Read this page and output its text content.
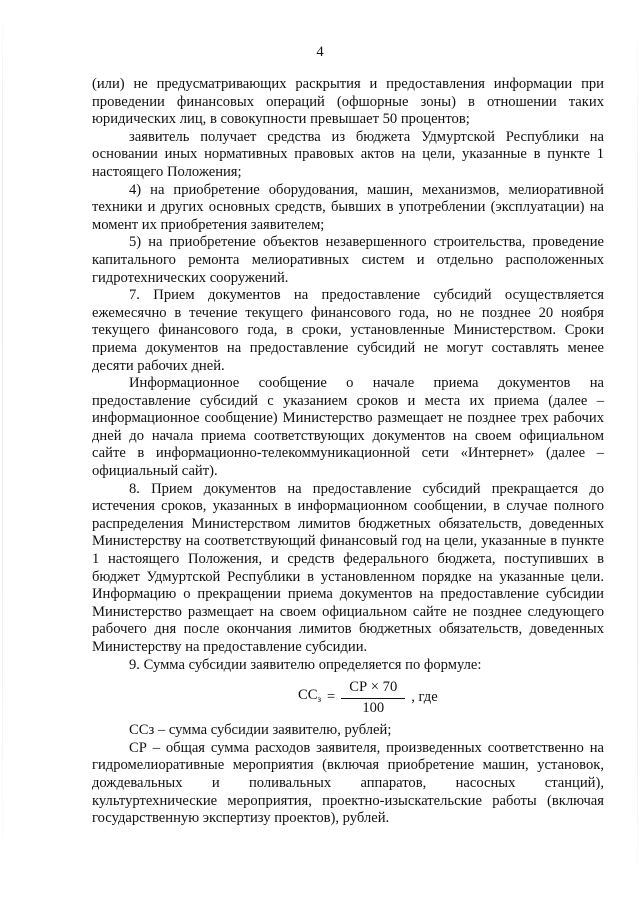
4

(или) не предусматривающих раскрытия и предоставления информации при проведении финансовых операций (офшорные зоны) в отношении таких юридических лиц, в совокупности превышает 50 процентов;

заявитель получает средства из бюджета Удмуртской Республики на основании иных нормативных правовых актов на цели, указанные в пункте 1 настоящего Положения;

4) на приобретение оборудования, машин, механизмов, мелиоративной техники и других основных средств, бывших в употреблении (эксплуатации) на момент их приобретения заявителем;

5) на приобретение объектов незавершенного строительства, проведение капитального ремонта мелиоративных систем и отдельно расположенных гидротехнических сооружений.

7. Прием документов на предоставление субсидий осуществляется ежемесячно в течение текущего финансового года, но не позднее 20 ноября текущего финансового года, в сроки, установленные Министерством. Сроки приема документов на предоставление субсидий не могут составлять менее десяти рабочих дней.

Информационное сообщение о начале приема документов на предоставление субсидий с указанием сроков и места их приема (далее – информационное сообщение) Министерство размещает не позднее трех рабочих дней до начала приема соответствующих документов на своем официальном сайте в информационно-телекоммуникационной сети «Интернет» (далее – официальный сайт).

8. Прием документов на предоставление субсидий прекращается до истечения сроков, указанных в информационном сообщении, в случае полного распределения Министерством лимитов бюджетных обязательств, доведенных Министерству на соответствующий финансовый год на цели, указанные в пункте 1 настоящего Положения, и средств федерального бюджета, поступивших в бюджет Удмуртской Республики в установленном порядке на указанные цели. Информацию о прекращении приема документов на предоставление субсидии Министерство размещает на своем официальном сайте не позднее следующего рабочего дня после окончания лимитов бюджетных обязательств, доведенных Министерству на предоставление субсидии.

9. Сумма субсидии заявителю определяется по формуле:

$СС_з = \frac{СР \times 70}{100}$ , где

ССз – сумма субсидии заявителю, рублей;

СР – общая сумма расходов заявителя, произведенных соответственно на гидромелиоративные мероприятия (включая приобретение машин, установок, дождевальных и поливальных аппаратов, насосных станций), культуртехнические мероприятия, проектно-изыскательские работы (включая государственную экспертизу проектов), рублей.
